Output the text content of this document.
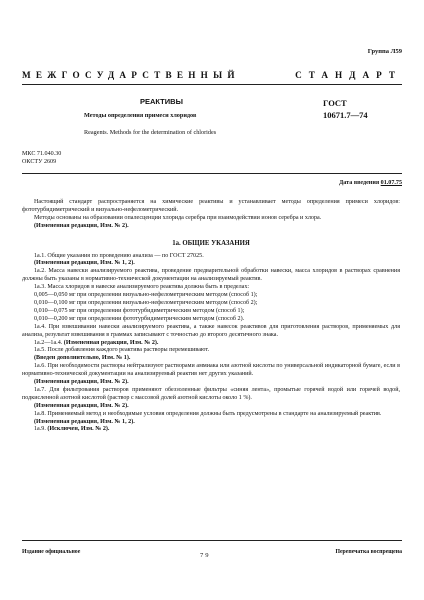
Группа Л59
МЕЖГОСУДАРСТВЕННЫЙ	СТАНДАРТ
РЕАКТИВЫ
Методы определения примеси хлоридов
Reagents. Methods for the determination of chlorides
ГОСТ
10671.7—74
МКС 71.040.30
ОКСТУ 2609
Дата введения 01.07.75

Настоящий стандарт распространяется на химические реактивы и устанавливает методы определения примеси хлоридов: фототурбидиметрический и визуально-нефелометрический.

Методы основаны на образовании опалесценции хлорида серебра при взаимодействии ионов серебра и хлора.

(Измененная редакция, Изм. № 2).

1а. ОБЩИЕ УКАЗАНИЯ

1а.1. Общие указания по проведению анализа — по ГОСТ 27025.

(Измененная редакция, Изм. № 1, 2).

1а.2. Масса навески анализируемого реактива, проведение предварительной обработки навески, масса хлоридов в растворах сравнения должны быть указаны в нормативно-технической документации на анализируемый реактив.

1а.3. Масса хлоридов в навеске анализируемого реактива должна быть в пределах:

0,005—0,050 мг при определении визуально-нефелометрическим методом (способ 1);

0,010—0,100 мг при определении визуально-нефелометрическим методом (способ 2);

0,010—0,075 мг при определении фототурбидиметрическим методом (способ 1);

0,010—0,200 мг при определении фототурбидиметрическим методом (способ 2).

1а.4. При взвешивании навески анализируемого реактива, а также навесок реактивов для приготовления растворов, применяемых для анализа, результат взвешивания в граммах записывают с точностью до второго десятичного знака.

1а.2—1а.4. (Измененная редакция, Изм. № 2).

1а.5. После добавления каждого реактива растворы перемешивают.

(Введен дополнительно, Изм. № 1).

1а.6. При необходимости растворы нейтрализуют растворами аммиака или азотной кислоты по универсальной индикаторной бумаге, если в нормативно-технической документации на анализируемый реактив нет других указаний.

(Измененная редакция, Изм. № 2).

1а.7. Для фильтрования растворов применяют обеззоленные фильтры «синяя лента», промытые горячей водой или горячей водой, подкисленной азотной кислотой (раствор с массовой долей азотной кислоты около 1 %).

(Измененная редакция, Изм. № 2).

1а.8. Применяемый метод и необходимые условия определения должны быть предусмотрены в стандарте на анализируемый реактив.

(Измененная редакция, Изм. № 1, 2).

1а.9. (Исключен, Изм. № 2).

Издание официальное	79	Перепечатка воспрещена
